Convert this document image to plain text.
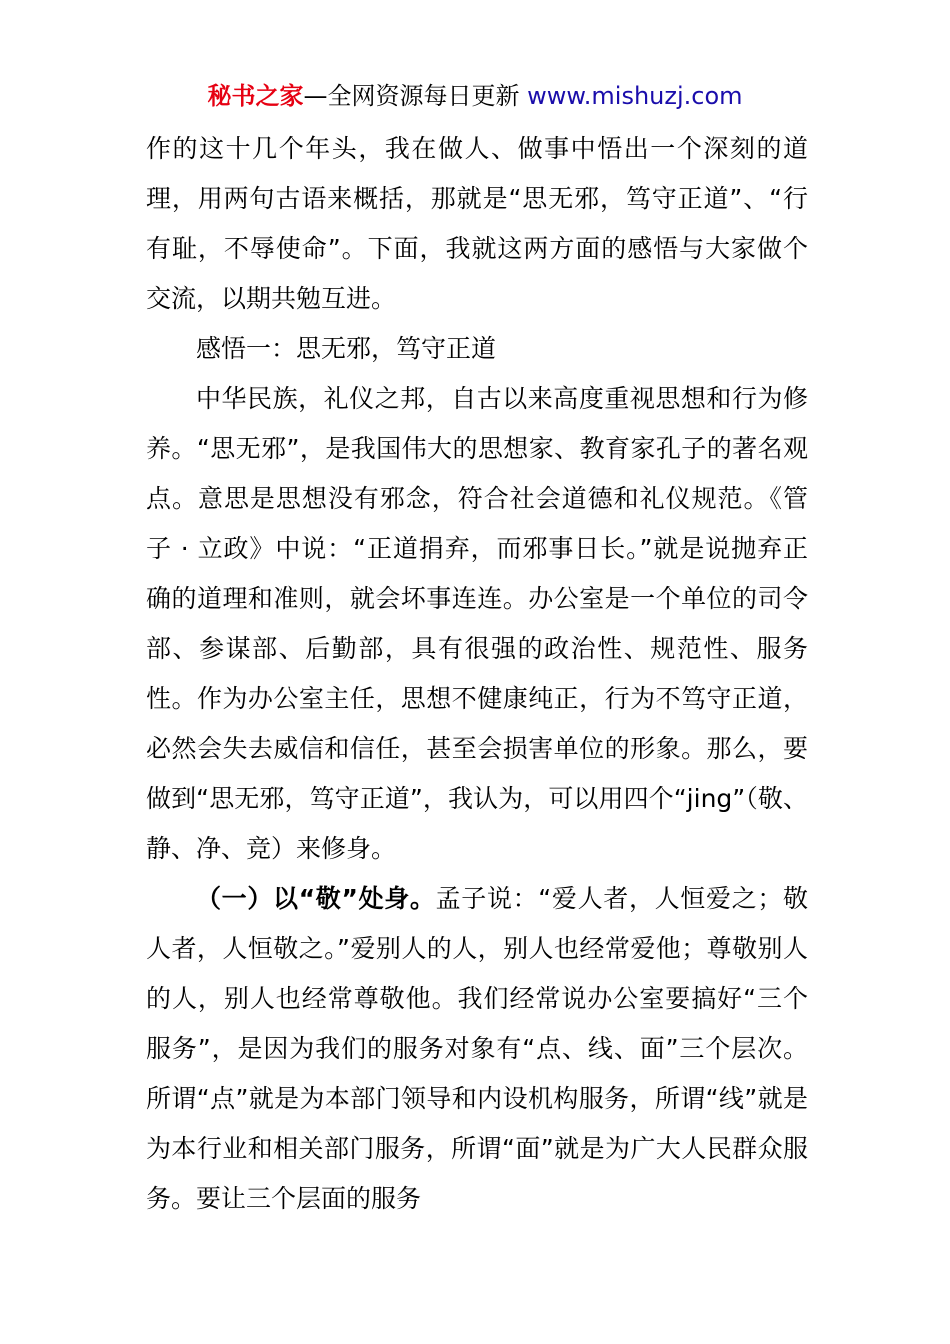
秘书之家—全网资源每日更新 www.mishuzj.com

作的这十几个年头，我在做人、做事中悟出一个深刻的道理，用两句古语来概括，那就是“思无邪，笃守正道”、“行有耻，不辱使命”。下面，我就这两方面的感悟与大家做个交流，以期共勉互进。

感悟一：思无邪，笃守正道

中华民族，礼仪之邦，自古以来高度重视思想和行为修养。“思无邪”，是我国伟大的思想家、教育家孔子的著名观点。意思是思想没有邪念，符合社会道德和礼仪规范。《管子 · 立政》中说：“正道捐弃，而邪事日长。”就是说抛弃正确的道理和准则，就会坏事连连。办公室是一个单位的司令部、参谋部、后勤部，具有很强的政治性、规范性、服务性。作为办公室主任，思想不健康纯正，行为不笃守正道，必然会失去威信和信任，甚至会损害单位的形象。那么，要做到“思无邪，笃守正道”，我认为，可以用四个“jing”（敬、静、净、竞）来修身。

（一）以“敬”处身。孟子说：“爱人者，人恒爱之；敬人者，人恒敬之。”爱别人的人，别人也经常爱他；尊敬别人的人，别人也经常尊敬他。我们经常说办公室要搞好“三个服务”，是因为我们的服务对象有“点、线、面”三个层次。所谓“点”就是为本部门领导和内设机构服务，所谓“线”就是为本行业和相关部门服务，所谓“面”就是为广大人民群众服务。要让三个层面的服务
